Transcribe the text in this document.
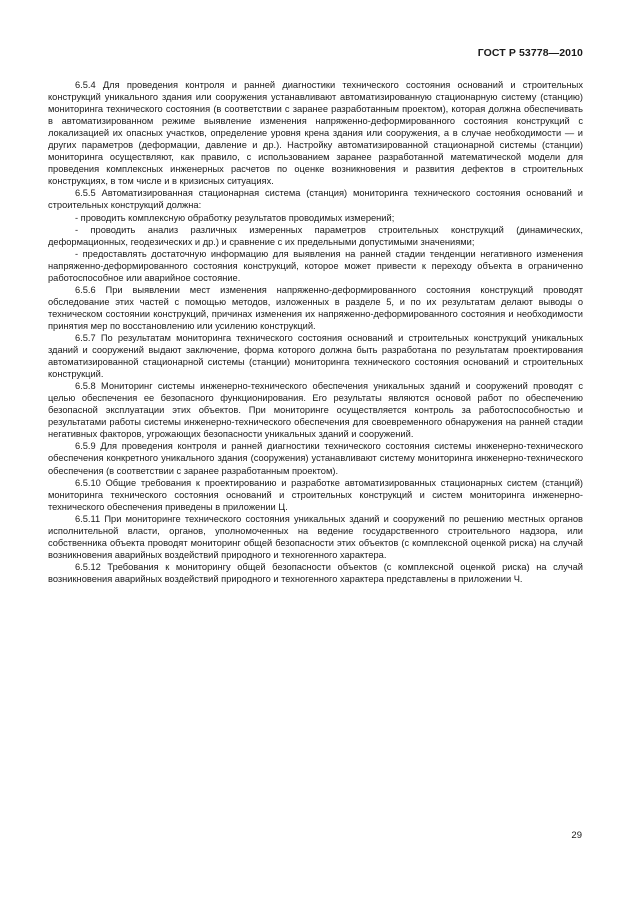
ГОСТ Р 53778—2010

6.5.4 Для проведения контроля и ранней диагностики технического состояния оснований и строительных конструкций уникального здания или сооружения устанавливают автоматизированную стационарную систему (станцию) мониторинга технического состояния (в соответствии с заранее разработанным проектом), которая должна обеспечивать в автоматизированном режиме выявление изменения напряженно-деформированного состояния конструкций с локализацией их опасных участков, определение уровня крена здания или сооружения, а в случае необходимости — и других параметров (деформации, давление и др.). Настройку автоматизированной стационарной системы (станции) мониторинга осуществляют, как правило, с использованием заранее разработанной математической модели для проведения комплексных инженерных расчетов по оценке возникновения и развития дефектов в строительных конструкциях, в том числе и в кризисных ситуациях.

6.5.5 Автоматизированная стационарная система (станция) мониторинга технического состояния оснований и строительных конструкций должна:

- проводить комплексную обработку результатов проводимых измерений;

- проводить анализ различных измеренных параметров строительных конструкций (динамических, деформационных, геодезических и др.) и сравнение с их предельными допустимыми значениями;

- предоставлять достаточную информацию для выявления на ранней стадии тенденции негативного изменения напряженно-деформированного состояния конструкций, которое может привести к переходу объекта в ограниченно работоспособное или аварийное состояние.

6.5.6 При выявлении мест изменения напряженно-деформированного состояния конструкций проводят обследование этих частей с помощью методов, изложенных в разделе 5, и по их результатам делают выводы о техническом состоянии конструкций, причинах изменения их напряженно-деформированного состояния и необходимости принятия мер по восстановлению или усилению конструкций.

6.5.7 По результатам мониторинга технического состояния оснований и строительных конструкций уникальных зданий и сооружений выдают заключение, форма которого должна быть разработана по результатам проектирования автоматизированной стационарной системы (станции) мониторинга технического состояния оснований и строительных конструкций.

6.5.8 Мониторинг системы инженерно-технического обеспечения уникальных зданий и сооружений проводят с целью обеспечения ее безопасного функционирования. Его результаты являются основой работ по обеспечению безопасной эксплуатации этих объектов. При мониторинге осуществляется контроль за работоспособностью и результатами работы системы инженерно-технического обеспечения для своевременного обнаружения на ранней стадии негативных факторов, угрожающих безопасности уникальных зданий и сооружений.

6.5.9 Для проведения контроля и ранней диагностики технического состояния системы инженерно-технического обеспечения конкретного уникального здания (сооружения) устанавливают систему мониторинга инженерно-технического обеспечения (в соответствии с заранее разработанным проектом).

6.5.10 Общие требования к проектированию и разработке автоматизированных стационарных систем (станций) мониторинга технического состояния оснований и строительных конструкций и систем мониторинга инженерно-технического обеспечения приведены в приложении Ц.

6.5.11 При мониторинге технического состояния уникальных зданий и сооружений по решению местных органов исполнительной власти, органов, уполномоченных на ведение государственного строительного надзора, или собственника объекта проводят мониторинг общей безопасности этих объектов (с комплексной оценкой риска) на случай возникновения аварийных воздействий природного и техногенного характера.

6.5.12 Требования к мониторингу общей безопасности объектов (с комплексной оценкой риска) на случай возникновения аварийных воздействий природного и техногенного характера представлены в приложении Ч.

29
